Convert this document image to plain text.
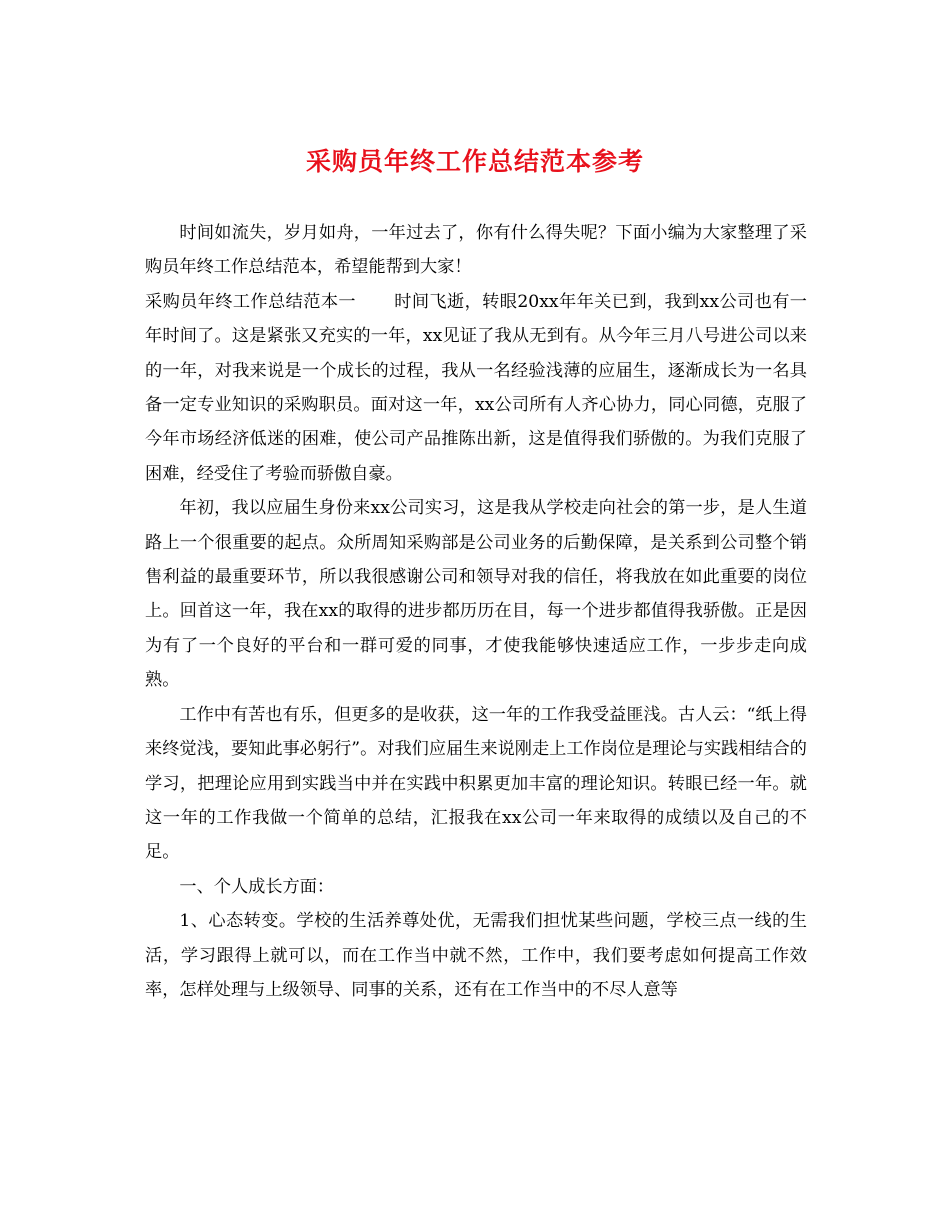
采购员年终工作总结范本参考

时间如流失，岁月如舟，一年过去了，你有什么得失呢？下面小编为大家整理了采购员年终工作总结范本，希望能帮到大家！

采购员年终工作总结范本一 时间飞逝，转眼20xx年年关已到，我到xx公司也有一年时间了。这是紧张又充实的一年，xx见证了我从无到有。从今年三月八号进公司以来的一年，对我来说是一个成长的过程，我从一名经验浅薄的应届生，逐渐成长为一名具备一定专业知识的采购职员。面对这一年，xx公司所有人齐心协力，同心同德，克服了今年市场经济低迷的困难，使公司产品推陈出新，这是值得我们骄傲的。为我们克服了困难，经受住了考验而骄傲自豪。

年初，我以应届生身份来xx公司实习，这是我从学校走向社会的第一步，是人生道路上一个很重要的起点。众所周知采购部是公司业务的后勤保障，是关系到公司整个销售利益的最重要环节，所以我很感谢公司和领导对我的信任，将我放在如此重要的岗位上。回首这一年，我在xx的取得的进步都历历在目，每一个进步都值得我骄傲。正是因为有了一个良好的平台和一群可爱的同事，才使我能够快速适应工作，一步步走向成熟。

工作中有苦也有乐，但更多的是收获，这一年的工作我受益匪浅。古人云：“纸上得来终觉浅，要知此事必躬行”。对我们应届生来说刚走上工作岗位是理论与实践相结合的学习，把理论应用到实践当中并在实践中积累更加丰富的理论知识。转眼已经一年。就这一年的工作我做一个简单的总结，汇报我在xx公司一年来取得的成绩以及自己的不足。

一、个人成长方面：

1、心态转变。学校的生活养尊处优，无需我们担忧某些问题，学校三点一线的生活，学习跟得上就可以，而在工作当中就不然，工作中，我们要考虑如何提高工作效率，怎样处理与上级领导、同事的关系，还有在工作当中的不尽人意等
